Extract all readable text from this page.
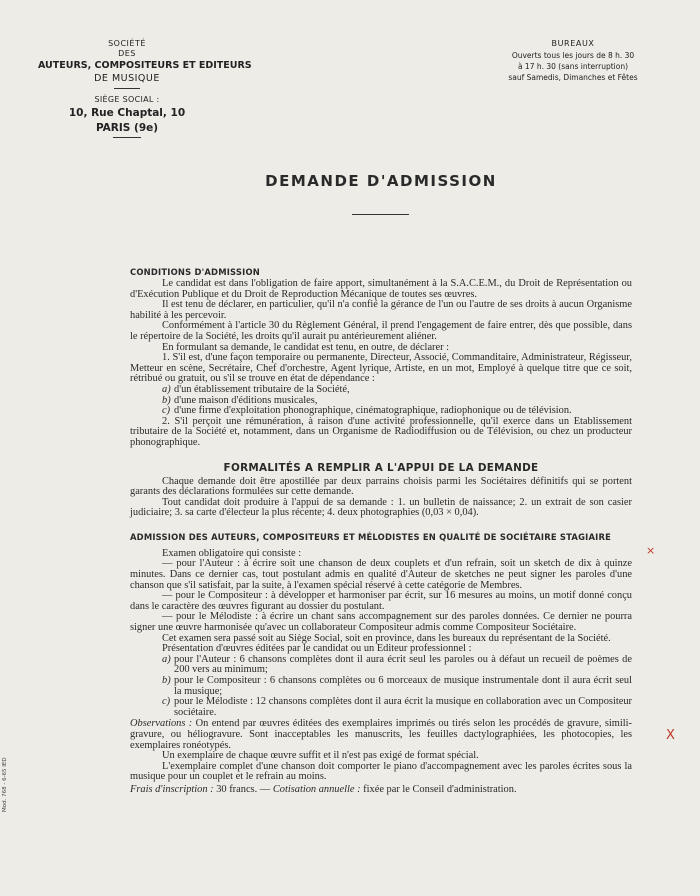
SOCIÉTÉ
DES
AUTEURS, COMPOSITEURS ET EDITEURS
DE MUSIQUE
SIÈGE SOCIAL :
10, Rue Chaptal, 10
PARIS (9e)
BUREAUX
Ouverts tous les jours de 8 h. 30
à 17 h. 30 (sans interruption)
sauf Samedis, Dimanches et Fêtes
DEMANDE D'ADMISSION
CONDITIONS D'ADMISSION

Le candidat est dans l'obligation de faire apport, simultanément à la S.A.C.E.M., du Droit de Représentation ou d'Exécution Publique et du Droit de Reproduction Mécanique de toutes ses œuvres.

Il est tenu de déclarer, en particulier, qu'il n'a confié la gérance de l'un ou l'autre de ses droits à aucun Organisme habilité à les percevoir.

Conformément à l'article 30 du Règlement Général, il prend l'engagement de faire entrer, dès que possible, dans le répertoire de la Société, les droits qu'il aurait pu antérieurement aliéner.

En formulant sa demande, le candidat est tenu, en outre, de déclarer :

1. S'il est, d'une façon temporaire ou permanente, Directeur, Associé, Commanditaire, Administrateur, Régisseur, Metteur en scène, Secrétaire, Chef d'orchestre, Agent lyrique, Artiste, en un mot, Employé à quelque titre que ce soit, rétribué ou gratuit, ou s'il se trouve en état de dépendance :

a) d'un établissement tributaire de la Société,
b) d'une maison d'éditions musicales,
c) d'une firme d'exploitation phonographique, cinématographique, radiophonique ou de télévision.

2. S'il perçoit une rémunération, à raison d'une activité professionnelle, qu'il exerce dans un Etablissement tributaire de la Société et, notamment, dans un Organisme de Radiodiffusion ou de Télévision, ou chez un producteur phonographique.

FORMALITÉS A REMPLIR A L'APPUI DE LA DEMANDE

Chaque demande doit être apostillée par deux parrains choisis parmi les Sociétaires définitifs qui se portent garants des déclarations formulées sur cette demande.

Tout candidat doit produire à l'appui de sa demande : 1. un bulletin de naissance; 2. un extrait de son casier judiciaire; 3. sa carte d'électeur la plus récente; 4. deux photographies (0,03 × 0,04).

ADMISSION DES AUTEURS, COMPOSITEURS ET MÉLODISTES EN QUALITÉ DE SOCIÉTAIRE STAGIAIRE

Examen obligatoire qui consiste :

— pour l'Auteur : à écrire soit une chanson de deux couplets et d'un refrain, soit un sketch de dix à quinze minutes. Dans ce dernier cas, tout postulant admis en qualité d'Auteur de sketches ne peut signer les paroles d'une chanson que s'il satisfait, par la suite, à l'examen spécial réservé à cette catégorie de Membres.

— pour le Compositeur : à développer et harmoniser par écrit, sur 16 mesures au moins, un motif donné conçu dans le caractère des œuvres figurant au dossier du postulant.

— pour le Mélodiste : à écrire un chant sans accompagnement sur des paroles données. Ce dernier ne pourra signer une œuvre harmonisée qu'avec un collaborateur Compositeur admis comme Compositeur Sociétaire.

Cet examen sera passé soit au Siège Social, soit en province, dans les bureaux du représentant de la Société.

Présentation d'œuvres éditées par le candidat ou un Editeur professionnel :

a) pour l'Auteur : 6 chansons complètes dont il aura écrit seul les paroles ou à défaut un recueil de poèmes de 200 vers au minimum;
b) pour le Compositeur : 6 chansons complètes ou 6 morceaux de musique instrumentale dont il aura écrit seul la musique;
c) pour le Mélodiste : 12 chansons complètes dont il aura écrit la musique en collaboration avec un Compositeur sociétaire.

Observations : On entend par œuvres éditées des exemplaires imprimés ou tirés selon les procédés de gravure, simili-gravure, ou héliogravure. Sont inacceptables les manuscrits, les feuilles dactylographiées, les photocopies, les exemplaires ronéotypés.

Un exemplaire de chaque œuvre suffit et il n'est pas exigé de format spécial.

L'exemplaire complet d'une chanson doit comporter le piano d'accompagnement avec les paroles écrites sous la musique pour un couplet et le refrain au moins.

Frais d'inscription : 30 francs. — Cotisation annuelle : fixée par le Conseil d'administration.

Mod. 768 - 6-65 IED
×
X
